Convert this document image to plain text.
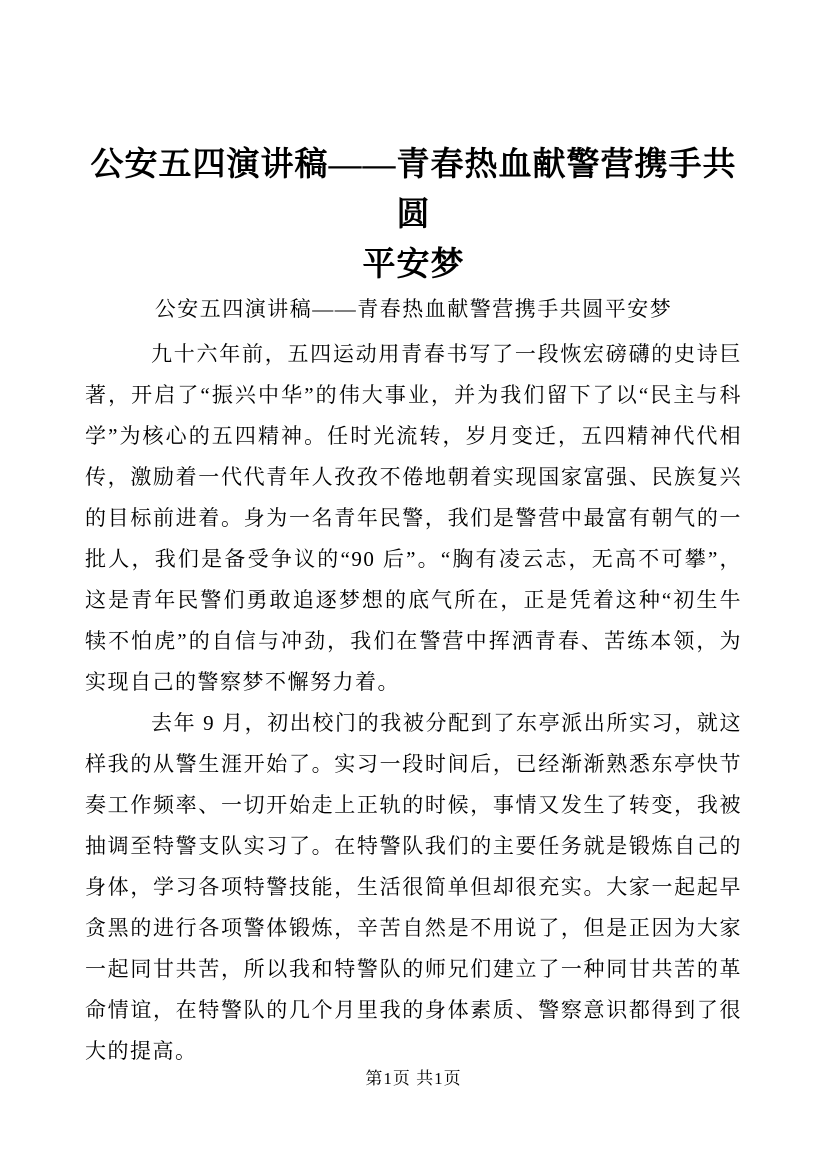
公安五四演讲稿——青春热血献警营携手共圆
平安梦

公安五四演讲稿——青春热血献警营携手共圆平安梦

九十六年前，五四运动用青春书写了一段恢宏磅礴的史诗巨著，开启了“振兴中华”的伟大事业，并为我们留下了以“民主与科学”为核心的五四精神。任时光流转，岁月变迁，五四精神代代相传，激励着一代代青年人孜孜不倦地朝着实现国家富强、民族复兴的目标前进着。身为一名青年民警，我们是警营中最富有朝气的一批人，我们是备受争议的“90 后”。“胸有凌云志，无高不可攀”，这是青年民警们勇敢追逐梦想的底气所在，正是凭着这种“初生牛犊不怕虎”的自信与冲劲，我们在警营中挥洒青春、苦练本领，为实现自己的警察梦不懈努力着。

去年 9 月，初出校门的我被分配到了东亭派出所实习，就这样我的从警生涯开始了。实习一段时间后，已经渐渐熟悉东亭快节奏工作频率、一切开始走上正轨的时候，事情又发生了转变，我被抽调至特警支队实习了。在特警队我们的主要任务就是锻炼自己的身体，学习各项特警技能，生活很简单但却很充实。大家一起起早贪黑的进行各项警体锻炼，辛苦自然是不用说了，但是正因为大家一起同甘共苦，所以我和特警队的师兄们建立了一种同甘共苦的革命情谊，在特警队的几个月里我的身体素质、警察意识都得到了很大的提高。

第1页 共1页
